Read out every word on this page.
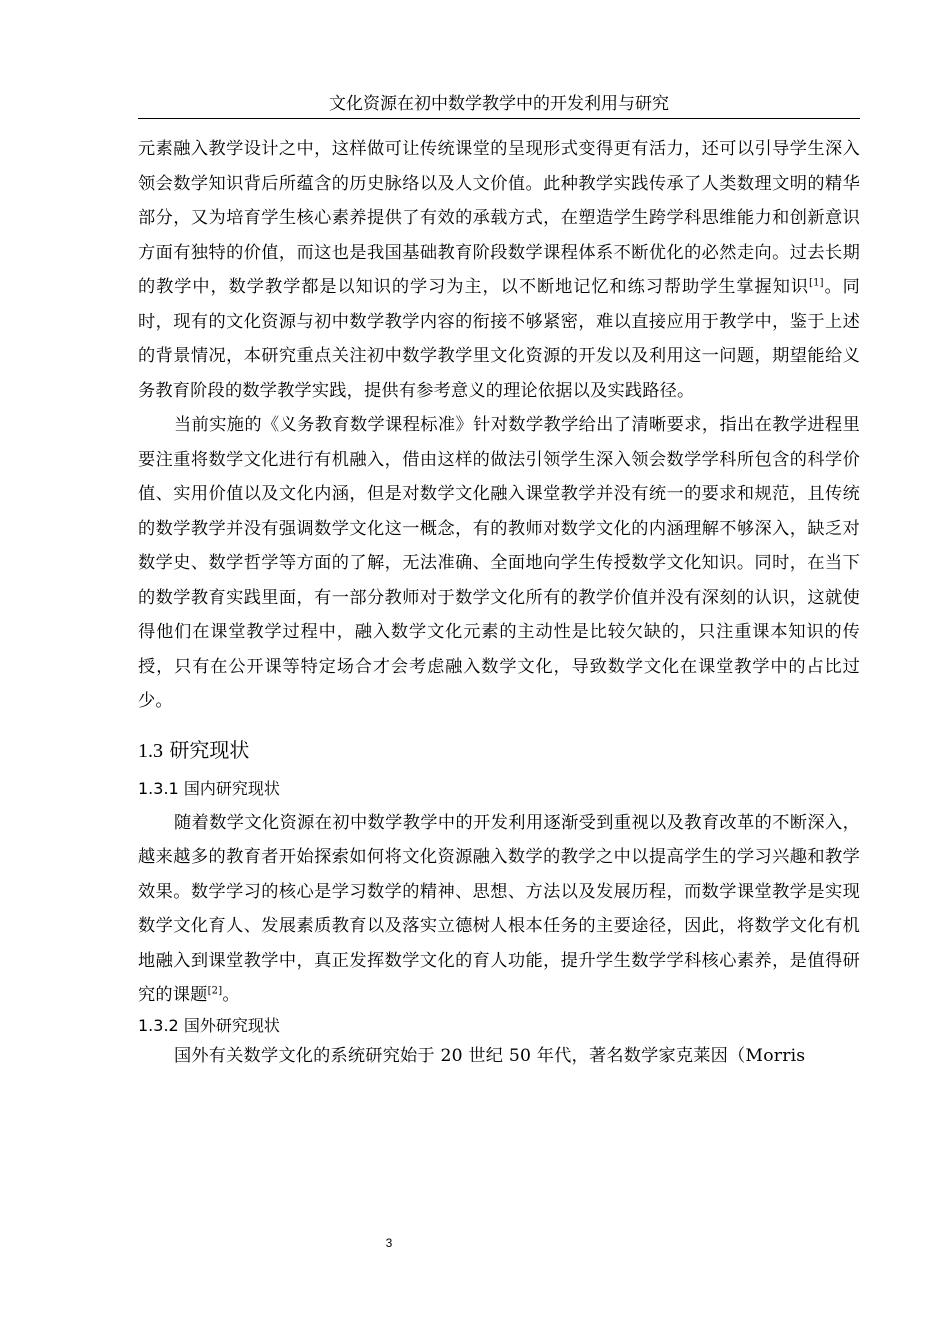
文化资源在初中数学教学中的开发利用与研究

元素融入教学设计之中，这样做可让传统课堂的呈现形式变得更有活力，还可以引导学生深入领会数学知识背后所蕴含的历史脉络以及人文价值。此种教学实践传承了人类数理文明的精华部分，又为培育学生核心素养提供了有效的承载方式，在塑造学生跨学科思维能力和创新意识方面有独特的价值，而这也是我国基础教育阶段数学课程体系不断优化的必然走向。过去长期的教学中，数学教学都是以知识的学习为主，以不断地记忆和练习帮助学生掌握知识[1]。同时，现有的文化资源与初中数学教学内容的衔接不够紧密，难以直接应用于教学中，鉴于上述的背景情况，本研究重点关注初中数学教学里文化资源的开发以及利用这一问题，期望能给义务教育阶段的数学教学实践，提供有参考意义的理论依据以及实践路径。

当前实施的《义务教育数学课程标准》针对数学教学给出了清晰要求，指出在教学进程里要注重将数学文化进行有机融入，借由这样的做法引领学生深入领会数学学科所包含的科学价值、实用价值以及文化内涵，但是对数学文化融入课堂教学并没有统一的要求和规范，且传统的数学教学并没有强调数学文化这一概念，有的教师对数学文化的内涵理解不够深入，缺乏对数学史、数学哲学等方面的了解，无法准确、全面地向学生传授数学文化知识。同时，在当下的数学教育实践里面，有一部分教师对于数学文化所有的教学价值并没有深刻的认识，这就使得他们在课堂教学过程中，融入数学文化元素的主动性是比较欠缺的，只注重课本知识的传授，只有在公开课等特定场合才会考虑融入数学文化，导致数学文化在课堂教学中的占比过少。

1.3 研究现状
1.3.1 国内研究现状

随着数学文化资源在初中数学教学中的开发利用逐渐受到重视以及教育改革的不断深入，越来越多的教育者开始探索如何将文化资源融入数学的教学之中以提高学生的学习兴趣和教学效果。数学学习的核心是学习数学的精神、思想、方法以及发展历程，而数学课堂教学是实现数学文化育人、发展素质教育以及落实立德树人根本任务的主要途径，因此，将数学文化有机地融入到课堂教学中，真正发挥数学文化的育人功能，提升学生数学学科核心素养，是值得研究的课题[2]。

1.3.2 国外研究现状

国外有关数学文化的系统研究始于 20 世纪 50 年代，著名数学家克莱因（Morris

3
